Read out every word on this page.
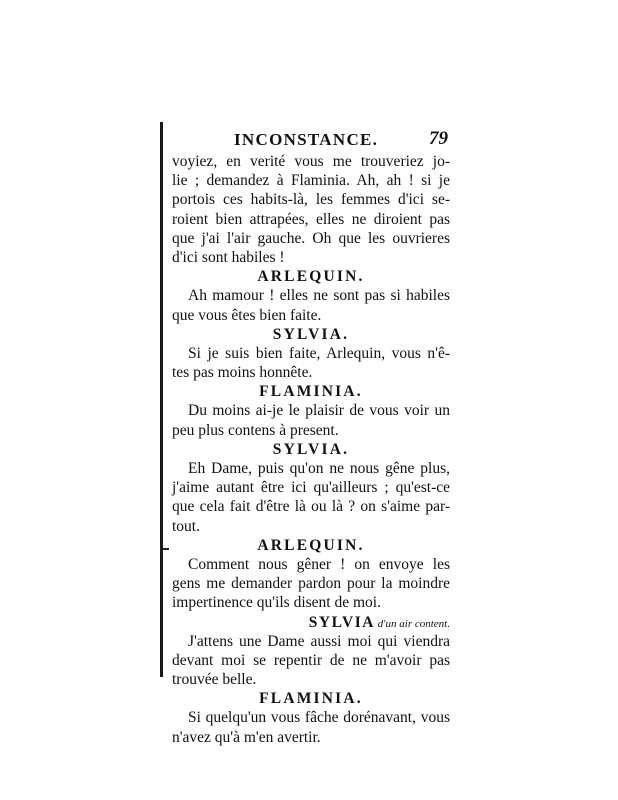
INCONSTANCE.	79
voyiez, en verité vous me trouveriez jo-
lie ; demandez à Flaminia. Ah, ah ! si je
portois ces habits-là, les femmes d'ici se-
roient bien attrapées, elles ne diroient pas
que j'ai l'air gauche. Oh que les ouvrieres
d'ici sont habiles !
ARLEQUIN.
Ah mamour ! elles ne sont pas si habiles
que vous êtes bien faite.
SYLVIA.
Si je suis bien faite, Arlequin, vous n'ê-
tes pas moins honnête.
FLAMINIA.
Du moins ai-je le plaisir de vous voir un
peu plus contens à present.
SYLVIA.
Eh Dame, puis qu'on ne nous gêne plus,
j'aime autant être ici qu'ailleurs ; qu'est-ce
que cela fait d'être là ou là ? on s'aime par-
tout.
ARLEQUIN.
Comment nous gêner ! on envoye les
gens me demander pardon pour la moindre
impertinence qu'ils disent de moi.
SYLVIA d'un air content.
J'attens une Dame aussi moi qui viendra
devant moi se repentir de ne m'avoir pas
trouvée belle.
FLAMINIA.
Si quelqu'un vous fâche dorénavant, vous
n'avez qu'à m'en avertir.
